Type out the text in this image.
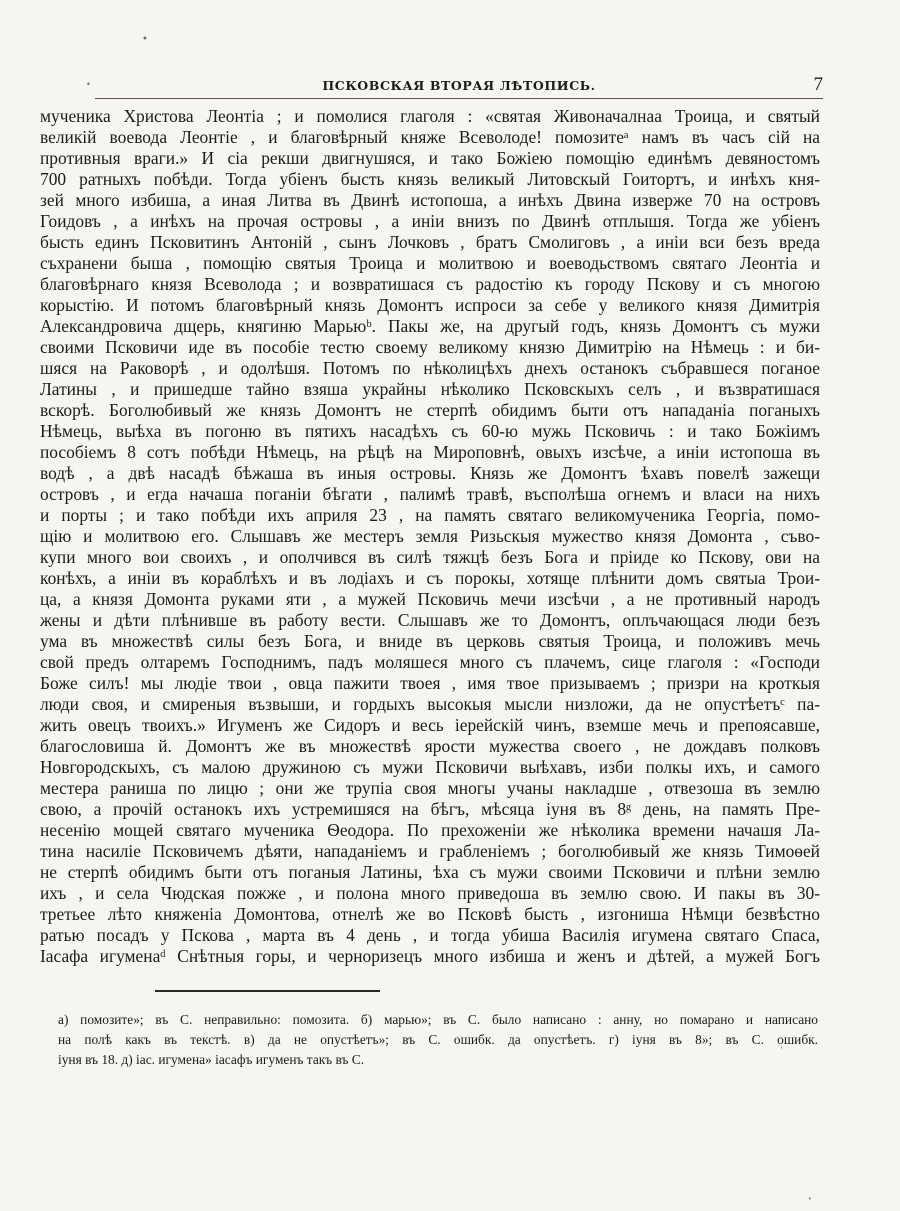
•
•	ПСКОВСКАЯ ВТОРАЯ ЛѢТОПИСЬ.	7
мученика Христова Леонтіа ; и помолися глаголя : «святая Живоначалнаа Троица, и святый
великій воевода Леонтіе , и благовѣрный княже Всеволоде! помозитеᵃ намъ въ часъ сій на
противныя враги.» И сіа рекши двигнушяся, и тако Божіею помощію единѣмъ девяностомъ
700 ратныхъ побѣди. Тогда убіенъ бысть князь великый Литовскый Гоитортъ, и инѣхъ кня-
зей много избиша, а иная Литва въ Двинѣ истопоша, а инѣхъ Двина изверже 70 на островъ
Гоидовъ , а инѣхъ на прочая островы , а иніи внизъ по Двинѣ отплышя. Тогда же убіенъ
бысть единъ Псковитинъ Антоній , сынъ Лочковъ , братъ Смолиговъ , а иніи вси безъ вреда
съхранени быша , помощію святыя Троица и молитвою и воеводьствомъ святаго Леонтіа и
благовѣрнаго князя Всеволода ; и возвратишася съ радостію къ городу Пскову и съ многою
корыстію. И потомъ благовѣрный князь Домонтъ испроси за себе у великого князя Димитрія
Александровича дщерь, княгиню Марьюᵇ. Пакы же, на другый годъ, князь Домонтъ съ мужи
своими Псковичи иде въ пособіе тестю своему великому князю Димитрію на Нѣмець : и би-
шяся на Раковорѣ , и одолѣшя. Потомъ по нѣколицѣхъ днехъ останокъ събравшеся поганое
Латины , и пришедше тайно взяша украйны нѣколико Псковскыхъ селъ , и възвратишася
вскорѣ. Боголюбивый же князь Домонтъ не стерпѣ обидимъ быти отъ нападаніа поганыхъ
Нѣмець, выѣха въ погоню въ пятихъ насадѣхъ съ 60-ю мужь Псковичь : и тако Божіимъ
пособіемъ 8 сотъ побѣди Нѣмець, на рѣцѣ на Мироповнѣ, овыхъ изсѣче, а иніи истопоша въ
водѣ , а двѣ насадѣ бѣжаша въ иныя островы. Князь же Домонтъ ѣхавъ повелѣ зажещи
островъ , и егда начаша поганіи бѣгати , палимѣ травѣ, въсполѣша огнемъ и власи на нихъ
и порты ; и тако побѣди ихъ априля 23 , на память святаго великомученика Георгіа, помо-
щію и молитвою его. Слышавъ же местеръ земля Ризьскыя мужество князя Домонта , съво-
купи много вои своихъ , и ополчився въ силѣ тяжцѣ безъ Бога и пріиде ко Пскову, ови на
конѣхъ, а иніи въ кораблѣхъ и въ лодіахъ и съ порокы, хотяще плѣнити домъ святыа Трои-
ца, а князя Домонта руками яти , а мужей Псковичь мечи изсѣчи , а не противный народъ
жены и дѣти плѣнивше въ работу вести. Слышавъ же то Домонтъ, оплъчающася люди безъ
ума въ множествѣ силы безъ Бога, и вниде въ церковь святыя Троица, и положивъ мечь
свой предъ олтаремъ Господнимъ, падъ моляшеся много съ плачемъ, сице глаголя : «Господи
Боже силъ! мы людіе твои , овца пажити твоея , имя твое призываемъ ; призри на кроткыя
люди своя, и смиреныя възвыши, и гордыхъ высокыя мысли низложи, да не опустѣетъᶜ па-
жить овецъ твоихъ.» Игуменъ же Сидоръ и весь іерейскій чинъ, вземше мечь и препоясавше,
благословиша й. Домонтъ же въ множествѣ ярости мужества своего , не дождавъ полковъ
Новгородскыхъ, съ малою дружиною съ мужи Псковичи выѣхавъ, изби полкы ихъ, и самого
местера раниша по лицю ; они же трупіа своя многы учаны накладше , отвезоша въ землю
свою, а прочій останокъ ихъ устремишяся на бѣгъ, мѣсяца іуня въ 8ᵍ день, на память Пре-
несенію мощей святаго мученика Ѳеодора. По прехоженіи же нѣколика времени начашя Ла-
тина насиліе Псковичемъ дѣяти, нападаніемъ и грабленіемъ ; боголюбивый же князь Тимоѳей
не стерпѣ обидимъ быти отъ поганыя Латины, ѣха съ мужи своими Псковичи и плѣни землю
ихъ , и села Чюдская пожже , и полона много приведоша въ землю свою. И пакы въ 30-
третьее лѣто княженіа Домонтова, отнелѣ же во Псковѣ бысть , изгониша Нѣмци безвѣстно
ратью посадъ у Пскова , марта въ 4 день , и тогда убиша Василія игумена святаго Спаса,
Іасафа игуменаᵈ Снѣтныя горы, и черноризецъ много избиша и женъ и дѣтей, а мужей Богъ
а) помозите»; въ С. неправильно: помозита. б) марью»; въ С. было написано : анну, но помарано и написано
на полѣ какъ въ текстѣ. в) да не опустѣетъ»; въ С. ошибк. да опустѣетъ. г) іуня въ 8»; въ С. ошибк.
іуня въ 18. д) іас. игумена» іасафъ игуменъ такъ въ С.
ʻ
•
